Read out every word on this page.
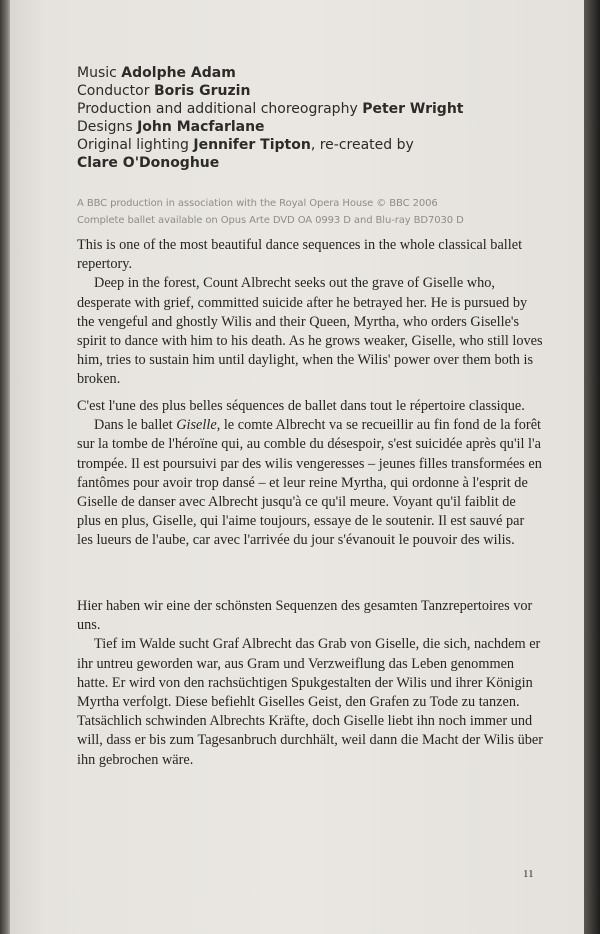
Music Adolphe Adam
Conductor Boris Gruzin
Production and additional choreography Peter Wright
Designs John Macfarlane
Original lighting Jennifer Tipton, re-created by
Clare O'Donoghue
A BBC production in association with the Royal Opera House © BBC 2006
Complete ballet available on Opus Arte DVD OA 0993 D and Blu-ray BD7030 D

This is one of the most beautiful dance sequences in the whole classical ballet repertory.

Deep in the forest, Count Albrecht seeks out the grave of Giselle who, desperate with grief, committed suicide after he betrayed her. He is pursued by the vengeful and ghostly Wilis and their Queen, Myrtha, who orders Giselle's spirit to dance with him to his death. As he grows weaker, Giselle, who still loves him, tries to sustain him until daylight, when the Wilis' power over them both is broken.

C'est l'une des plus belles séquences de ballet dans tout le répertoire classique.

Dans le ballet Giselle, le comte Albrecht va se recueillir au fin fond de la forêt sur la tombe de l'héroïne qui, au comble du désespoir, s'est suicidée après qu'il l'a trompée. Il est poursuivi par des wilis vengeresses – jeunes filles transformées en fantômes pour avoir trop dansé – et leur reine Myrtha, qui ordonne à l'esprit de Giselle de danser avec Albrecht jusqu'à ce qu'il meure. Voyant qu'il faiblit de plus en plus, Giselle, qui l'aime toujours, essaye de le soutenir. Il est sauvé par les lueurs de l'aube, car avec l'arrivée du jour s'évanouit le pouvoir des wilis.

Hier haben wir eine der schönsten Sequenzen des gesamten Tanzrepertoires vor uns.

Tief im Walde sucht Graf Albrecht das Grab von Giselle, die sich, nachdem er ihr untreu geworden war, aus Gram und Verzweiflung das Leben genommen hatte. Er wird von den rachsüchtigen Spukgestalten der Wilis und ihrer Königin Myrtha verfolgt. Diese befiehlt Giselles Geist, den Grafen zu Tode zu tanzen. Tatsächlich schwinden Albrechts Kräfte, doch Giselle liebt ihn noch immer und will, dass er bis zum Tagesanbruch durchhält, weil dann die Macht der Wilis über ihn gebrochen wäre.

11
